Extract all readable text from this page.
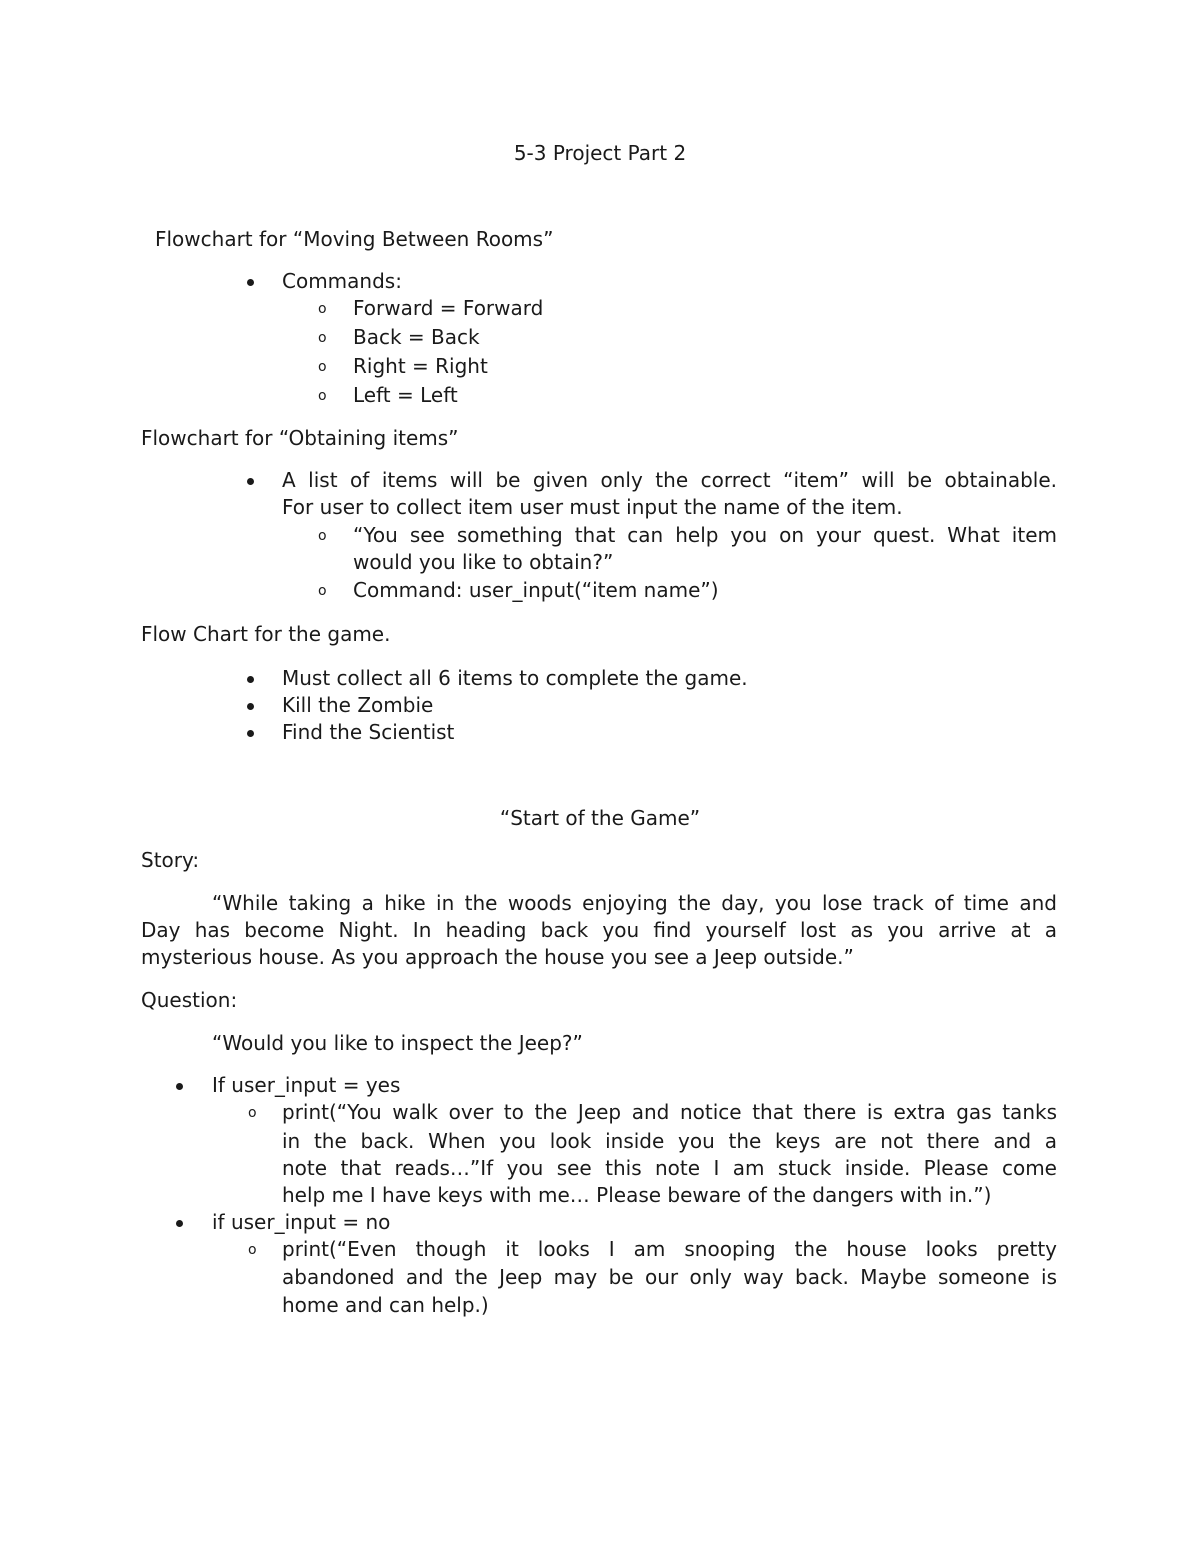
5-3 Project Part 2

Flowchart for “Moving Between Rooms”

Commands:

o Forward = Forward

o Back = Back

o Right = Right

o Left = Left

Flowchart for “Obtaining items”

A list of items will be given only the correct “item” will be obtainable.

For user to collect item user must input the name of the item.

o “You see something that can help you on your quest. What item

would you like to obtain?”

o Command: user_input(“item name”)

Flow Chart for the game.

Must collect all 6 items to complete the game.

Kill the Zombie

Find the Scientist

“Start of the Game”

Story:

“While taking a hike in the woods enjoying the day, you lose track of time and

Day has become Night. In heading back you find yourself lost as you arrive at a

mysterious house. As you approach the house you see a Jeep outside.”

Question:

“Would you like to inspect the Jeep?”

If user_input = yes

o print(“You walk over to the Jeep and notice that there is extra gas tanks

in the back. When you look inside you the keys are not there and a

note that reads…”If you see this note I am stuck inside. Please come

help me I have keys with me… Please beware of the dangers with in.”)

if user_input = no

o print(“Even though it looks I am snooping the house looks pretty

abandoned and the Jeep may be our only way back. Maybe someone is

home and can help.)
